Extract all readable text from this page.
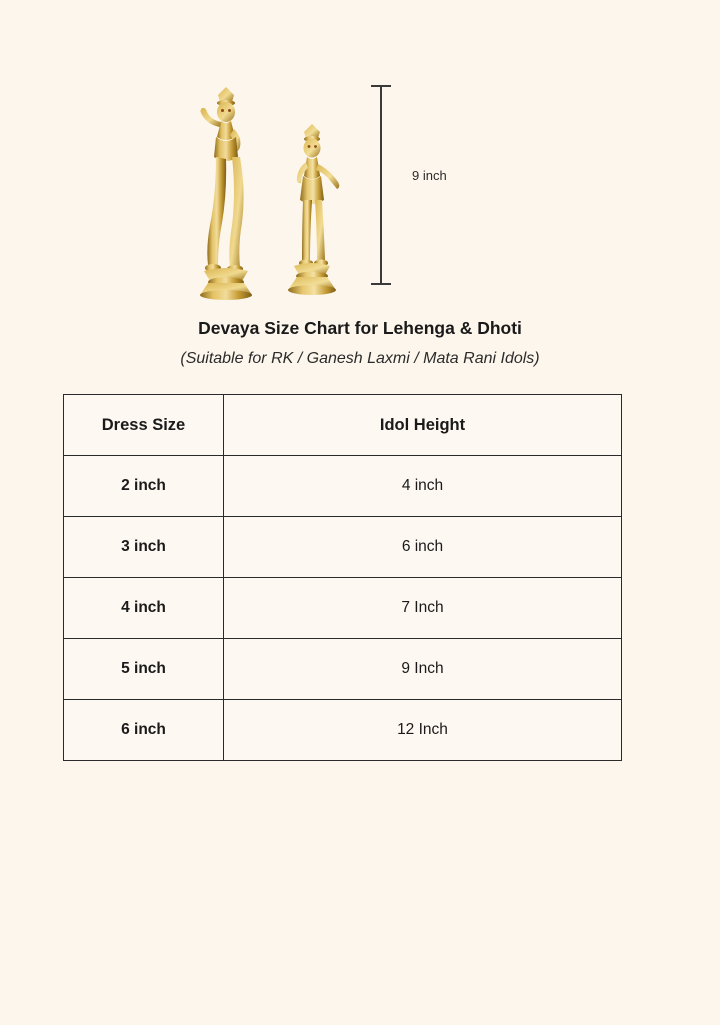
9 inch
Devaya Size Chart for Lehenga & Dhoti
(Suitable for RK / Ganesh Laxmi / Mata Rani Idols)
Dress Size	Idol Height
2 inch	4 inch
3 inch	6 inch
4 inch	7 Inch
5 inch	9 Inch
6 inch	12 Inch
